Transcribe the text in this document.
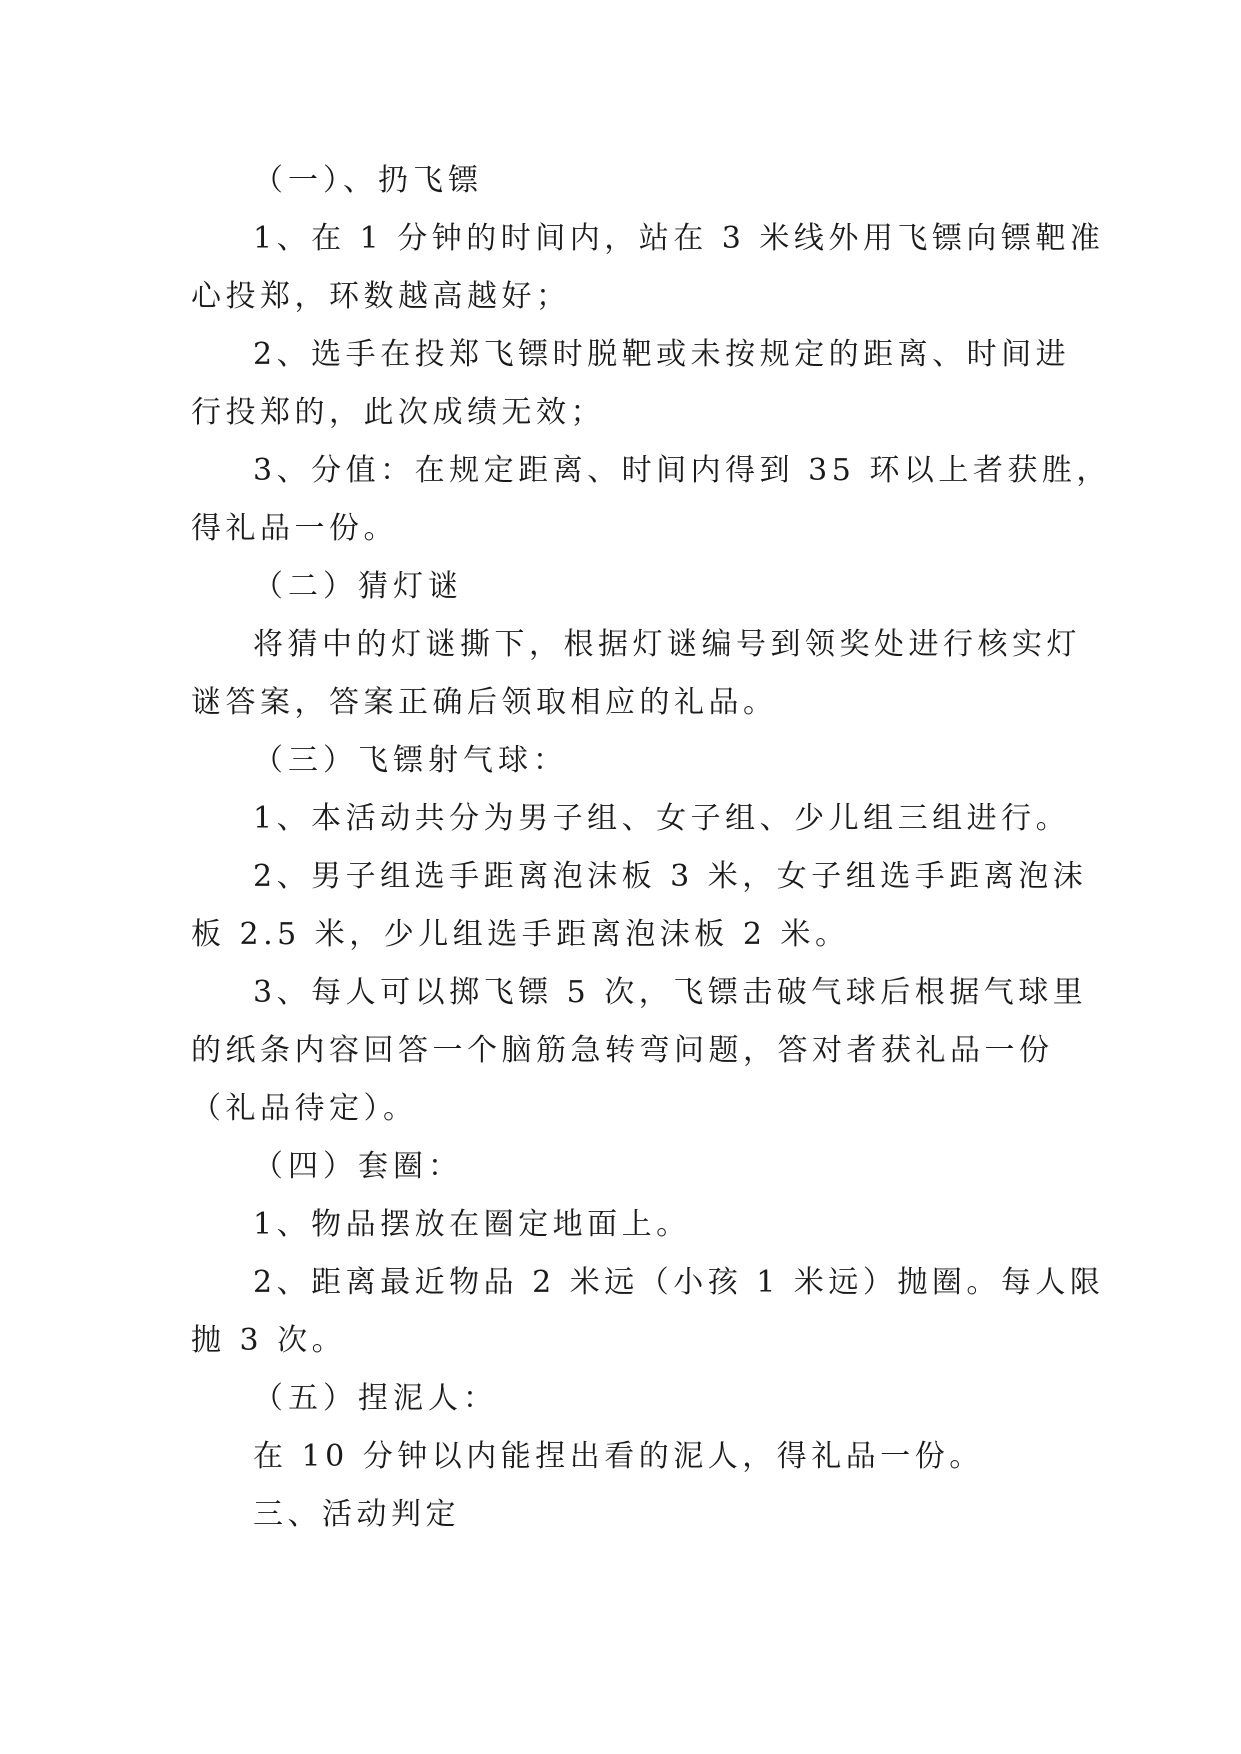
（一）、扔飞镖
1、在 1 分钟的时间内，站在 3 米线外用飞镖向镖靶准
心投郑，环数越高越好；
2、选手在投郑飞镖时脱靶或未按规定的距离、时间进
行投郑的，此次成绩无效；
3、分值：在规定距离、时间内得到 35 环以上者获胜，
得礼品一份。
（二）猜灯谜
将猜中的灯谜撕下，根据灯谜编号到领奖处进行核实灯
谜答案，答案正确后领取相应的礼品。
（三）飞镖射气球：
1、本活动共分为男子组、女子组、少儿组三组进行。
2、男子组选手距离泡沫板 3 米，女子组选手距离泡沫
板 2.5 米，少儿组选手距离泡沫板 2 米。
3、每人可以掷飞镖 5 次，飞镖击破气球后根据气球里
的纸条内容回答一个脑筋急转弯问题，答对者获礼品一份
（礼品待定）。
（四）套圈：
1、物品摆放在圈定地面上。
2、距离最近物品 2 米远（小孩 1 米远）抛圈。每人限
抛 3 次。
（五）捏泥人：
在 10 分钟以内能捏出看的泥人，得礼品一份。
三、活动判定
